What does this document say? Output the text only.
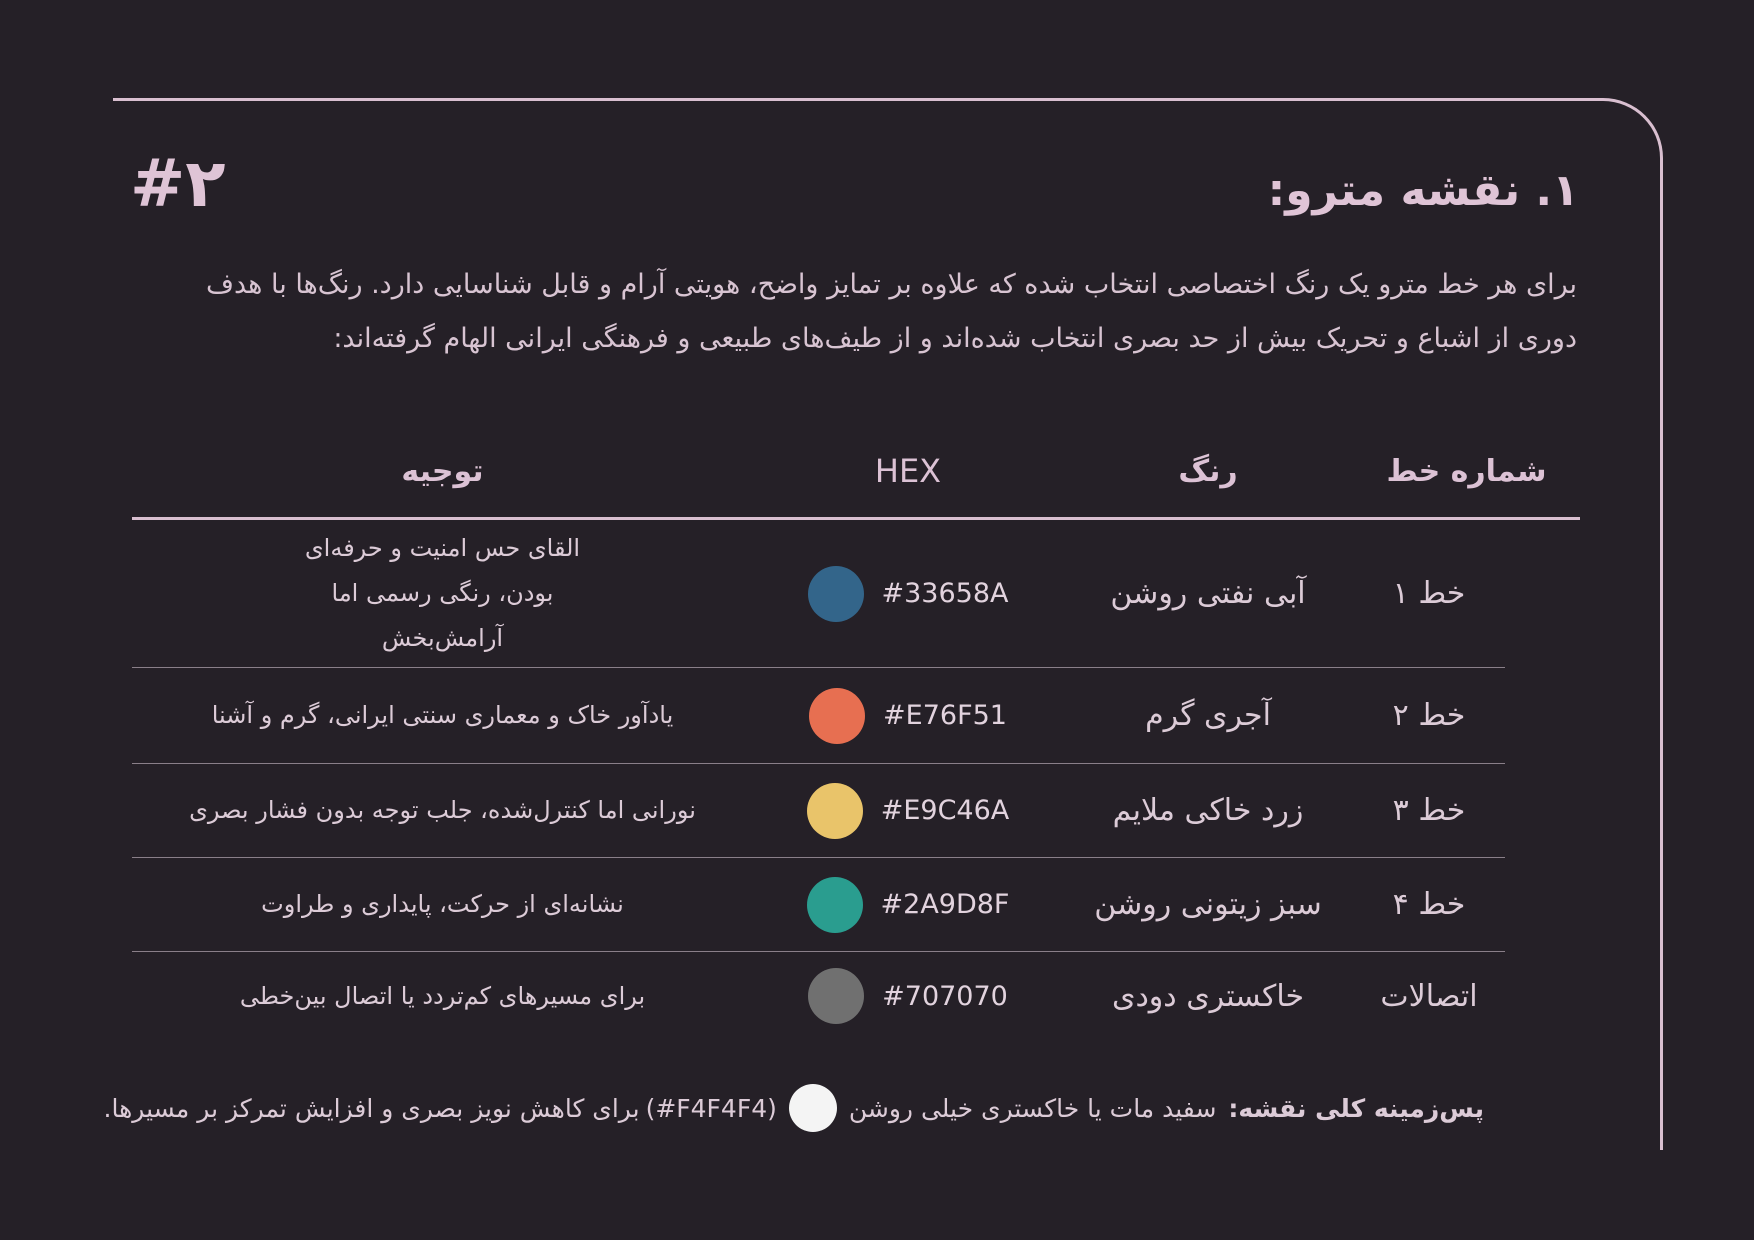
۱. نقشه مترو:
#۲

برای هر خط مترو یک رنگ اختصاصی انتخاب شده که علاوه بر تمایز واضح، هویتی آرام و قابل شناسایی دارد. رنگ‌ها با هدف دوری از اشباع و تحریک بیش از حد بصری انتخاب شده‌اند و از طیف‌های طبیعی و فرهنگی ایرانی الهام گرفته‌اند:

شماره خط
رنگ
HEX
توجیه
خط ۱
آبی نفتی روشن
#33658A
القای حس امنیت و حرفه‌ای بودن، رنگی رسمی اما آرامش‌بخش
خط ۲
آجری گرم
#E76F51
یادآور خاک و معماری سنتی ایرانی، گرم و آشنا
خط ۳
زرد خاکی ملایم
#E9C46A
نورانی اما کنترل‌شده، جلب توجه بدون فشار بصری
خط ۴
سبز زیتونی روشن
#2A9D8F
نشانه‌ای از حرکت، پایداری و طراوت
اتصالات
خاکستری دودی
#707070
برای مسیرهای کم‌تردد یا اتصال بین‌خطی
پس‌زمینه کلی نقشه:
سفید مات یا خاکستری خیلی روشن
(#F4F4F4)
برای کاهش نویز بصری و افزایش تمرکز بر مسیرها.
